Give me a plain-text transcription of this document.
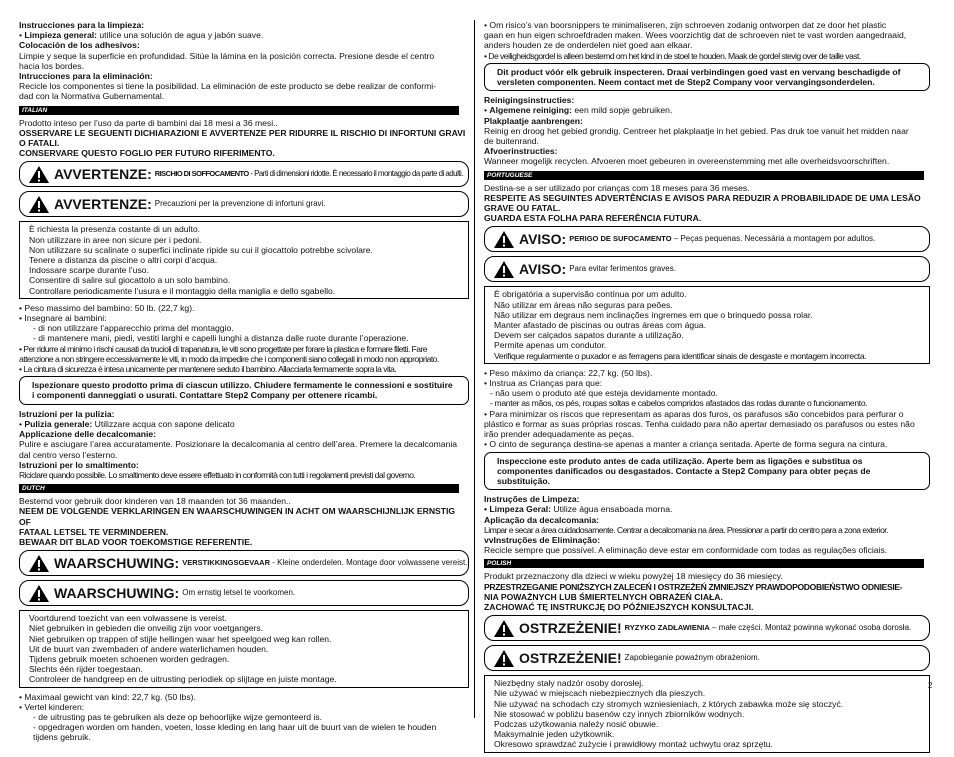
Instrucciones para la limpieza:

• Limpieza general: utilice una solución de agua y jabón suave.

Colocación de los adhesivos:

Limpie y seque la superficie en profundidad. Sitúe la lámina en la posición correcta. Presione desde el centro

hacia los bordes.

Intrucciones para la eliminación:

Recicle los componentes si tiene la posibilidad. La eliminación de este producto se debe realizar de conformi-

dad con la Normativa Gubernamental.

ITALIAN

Prodotto inteso per l’uso da parte di bambini dai 18 mesi a 36 mesi..

OSSERVARE LE SEGUENTI DICHIARAZIONI E AVVERTENZE PER RIDURRE IL RISCHIO DI INFORTUNI GRAVI

O FATALI.

CONSERVARE QUESTO FOGLIO PER FUTURO RIFERIMENTO.

AVVERTENZE: RISCHIO DI SOFFOCAMENTO - Parti di dimensioni ridotte. È necessario il montaggio da parte di adulti.
AVVERTENZE: Precauzioni per la prevenzione di infortuni gravi.

È richiesta la presenza costante di un adulto.

Non utilizzare in aree non sicure per i pedoni.

Non utilizzare su scalinate o superfici inclinate ripide su cui il giocattolo potrebbe scivolare.

Tenere a distanza da piscine o altri corpi d’acqua.

Indossare scarpe durante l’uso.

Consentire di salire sul giocattolo a un solo bambino.

Controllare periodicamente l’usura e il montaggio della maniglia e dello sgabello.

• Peso massimo del bambino: 50 lb. (22,7 kg).

• Insegnare ai bambini:

- di non utilizzare l’apparecchio prima del montaggio.

- di mantenere mani, piedi, vestiti larghi e capelli lunghi a distanza dalle ruote durante l’operazione.

• Per ridurre al minimo i rischi causati da trucioli di trapanatura, le viti sono progettate per forare la plastica e formare filetti. Fare

attenzione a non stringere eccessivamente le viti, in modo da impedire che i componenti siano collegati in modo non appropriato.

• La cintura di sicurezza è intesa unicamente per mantenere seduto il bambino. Allacciarla fermamente sopra la vita.

Ispezionare questo prodotto prima di ciascun utilizzo. Chiudere fermamente le connessioni e sostituire i componenti danneggiati o usurati. Contattare Step2 Company per ottenere ricambi.

Istruzioni per la pulizia:

• Pulizia generale: Utilizzare acqua con sapone delicato

Applicazione delle decalcomanie:

Pulire e asciugare l’area accuratamente. Posizionare la decalcomania al centro dell’area. Premere la decalcomania

dal centro verso l’esterno.

Istruzioni per lo smaltimento:

Riciclare quando possibile. Lo smaltimento deve essere effettuato in conformità con tutti i regolamenti previsti dal governo.

DUTCH

Bestemd voor gebruik door kinderen van 18 maanden tot 36 maanden..

NEEM DE VOLGENDE VERKLARINGEN EN WAARSCHUWINGEN IN ACHT OM WAARSCHIJNLIJK ERNSTIG OF

FATAAL LETSEL TE VERMINDEREN.

BEWAAR DIT BLAD VOOR TOEKOMSTIGE REFERENTIE.

WAARSCHUWING: VERSTIKKINGSGEVAAR - Kleine onderdelen. Montage door volwassene vereist.
WAARSCHUWING: Om ernstig letsel te voorkomen.

Voortdurend toezicht van een volwassene is vereist.

Niet gebruiken in gebieden die onveilig zijn voor voetgangers.

Niet gebruiken op trappen of stijle hellingen waar het speelgoed weg kan rollen.

Uit de buurt van zwembaden of andere waterlichamen houden.

Tijdens gebruik moeten schoenen worden gedragen.

Slechts één rijder toegestaan.

Controleer de handgreep en de uitrusting periodiek op slijtage en juiste montage.

• Maximaal gewicht van kind: 22,7 kg. (50 lbs).

• Vertel kinderen:

- de uitrusting pas te gebruiken als deze op behoorlijke wijze gemonteerd is.

- opgedragen worden om handen, voeten, losse kleding en lang haar uit de buurt van de wielen te houden

tijdens gebruik.

• Om risico’s van boorsnippers te minimaliseren, zijn schroeven zodanig ontworpen dat ze door het plastic

gaan en hun eigen schroefdraden maken. Wees voorzichtig dat de schroeven niet te vast worden aangedraaid,

anders houden ze de onderdelen niet goed aan elkaar.

• De veiligheidsgordel is alleen bestemd om het kind in de stoel te houden. Maak de gordel stevig over de taille vast.

Dit product vóór elk gebruik inspecteren. Draai verbindingen goed vast en vervang beschadigde of versleten componenten. Neem contact met de Step2 Company voor vervangingsonderdelen.

Reinigingsinstructies:

• Algemene reiniging: een mild sopje gebruiken.

Plakplaatje aanbrengen:

Reinig en droog het gebied grondig. Centreer het plakplaatje in het gebied. Pas druk toe vanuit het midden naar

de buitenrand.

Afvoerinstructies:

Wanneer mogelijk recyclen. Afvoeren moet gebeuren in overeenstemming met alle overheidsvoorschriften.

PORTUGUESE

Destina-se a ser utilizado por crianças com 18 meses para 36 meses.

RESPEITE AS SEGUINTES ADVERTÊNCIAS E AVISOS PARA REDUZIR A PROBABILIDADE DE UMA LESÃO

GRAVE OU FATAL.

GUARDA ESTA FOLHA PARA REFERÊNCIA FUTURA.

AVISO: PERIGO DE SUFOCAMENTO – Peças pequenas. Necessária a montagem por adultos.
AVISO: Para evitar ferimentos graves.

É obrigatória a supervisão contínua por um adulto.

Não utilizar em áreas não seguras para peões.

Não utilizar em degraus nem inclinações íngremes em que o brinquedo possa rolar.

Manter afastado de piscinas ou outras áreas com água.

Devem ser calçados sapatos durante a utilização.

Permite apenas um condutor.

Verifique regularmente o puxador e as ferragens para identificar sinais de desgaste e montagem incorrecta.

• Peso máximo da criança: 22,7 kg. (50 lbs).

• Instrua as Crianças para que:

- não usem o produto até que esteja devidamente montado.

- manter as mãos, os pés, roupas soltas e cabelos compridos afastados das rodas durante o funcionamento.

• Para minimizar os riscos que representam as aparas dos furos, os parafusos são concebidos para perfurar o

plástico e formar as suas próprias roscas. Tenha cuidado para não apertar demasiado os parafusos ou estes não

irão prender adequadamente as peças.

• O cinto de segurança destina-se apenas a manter a criança sentada. Aperte de forma segura na cintura.

Inspeccione este produto antes de cada utilização. Aperte bem as ligações e substitua os componentes danificados ou desgastados. Contacte a Step2 Company para obter peças de substituição.

Instruções de Limpeza:

• Limpeza Geral: Utilize água ensaboada morna.

Aplicação da decalcomania:

Limpar e secar a área cuidadosamente. Centrar a decalcomania na área. Pressionar a partir do centro para a zona exterior.

vvInstruções de Eliminação:

Recicle sempre que possível. A eliminação deve estar em conformidade com todas as regulações oficiais.

POLISH

Produkt przeznaczony dla dzieci w wieku powyżej 18 miesięcy do 36 miesięcy.

PRZESTRZEGANIE PONIŻSZYCH ZALECEŃ I OSTRZEŻEŃ ZMNIEJSZY PRAWDOPODOBIEŃSTWO ODNIESIE-

NIA POWAŻNYCH LUB ŚMIERTELNYCH OBRAŻEŃ CIAŁA.

ZACHOWAĆ TĘ INSTRUKCJĘ DO PÓŹNIEJSZYCH KONSULTACJI.

OSTRZEŻENIE! RYZYKO ZADŁAWIENIA – małe części. Montaż powinna wykonać osoba dorosła.
OSTRZEŻENIE! Zapobieganie poważnym obrażeniom.

Niezbędny stały nadzór osoby dorosłej.

Nie używać w miejscach niebezpiecznych dla pieszych.

Nie używać na schodach czy stromych wzniesieniach, z których zabawka może się stoczyć.

Nie stosować w pobliżu basenów czy innych zbiorników wodnych.

Podczas użytkowania należy nosić obuwie.

Maksymalnie jeden użytkownik.

Okresowo sprawdzać zużycie i prawidłowy montaż uchwytu oraz sprzętu.

2
